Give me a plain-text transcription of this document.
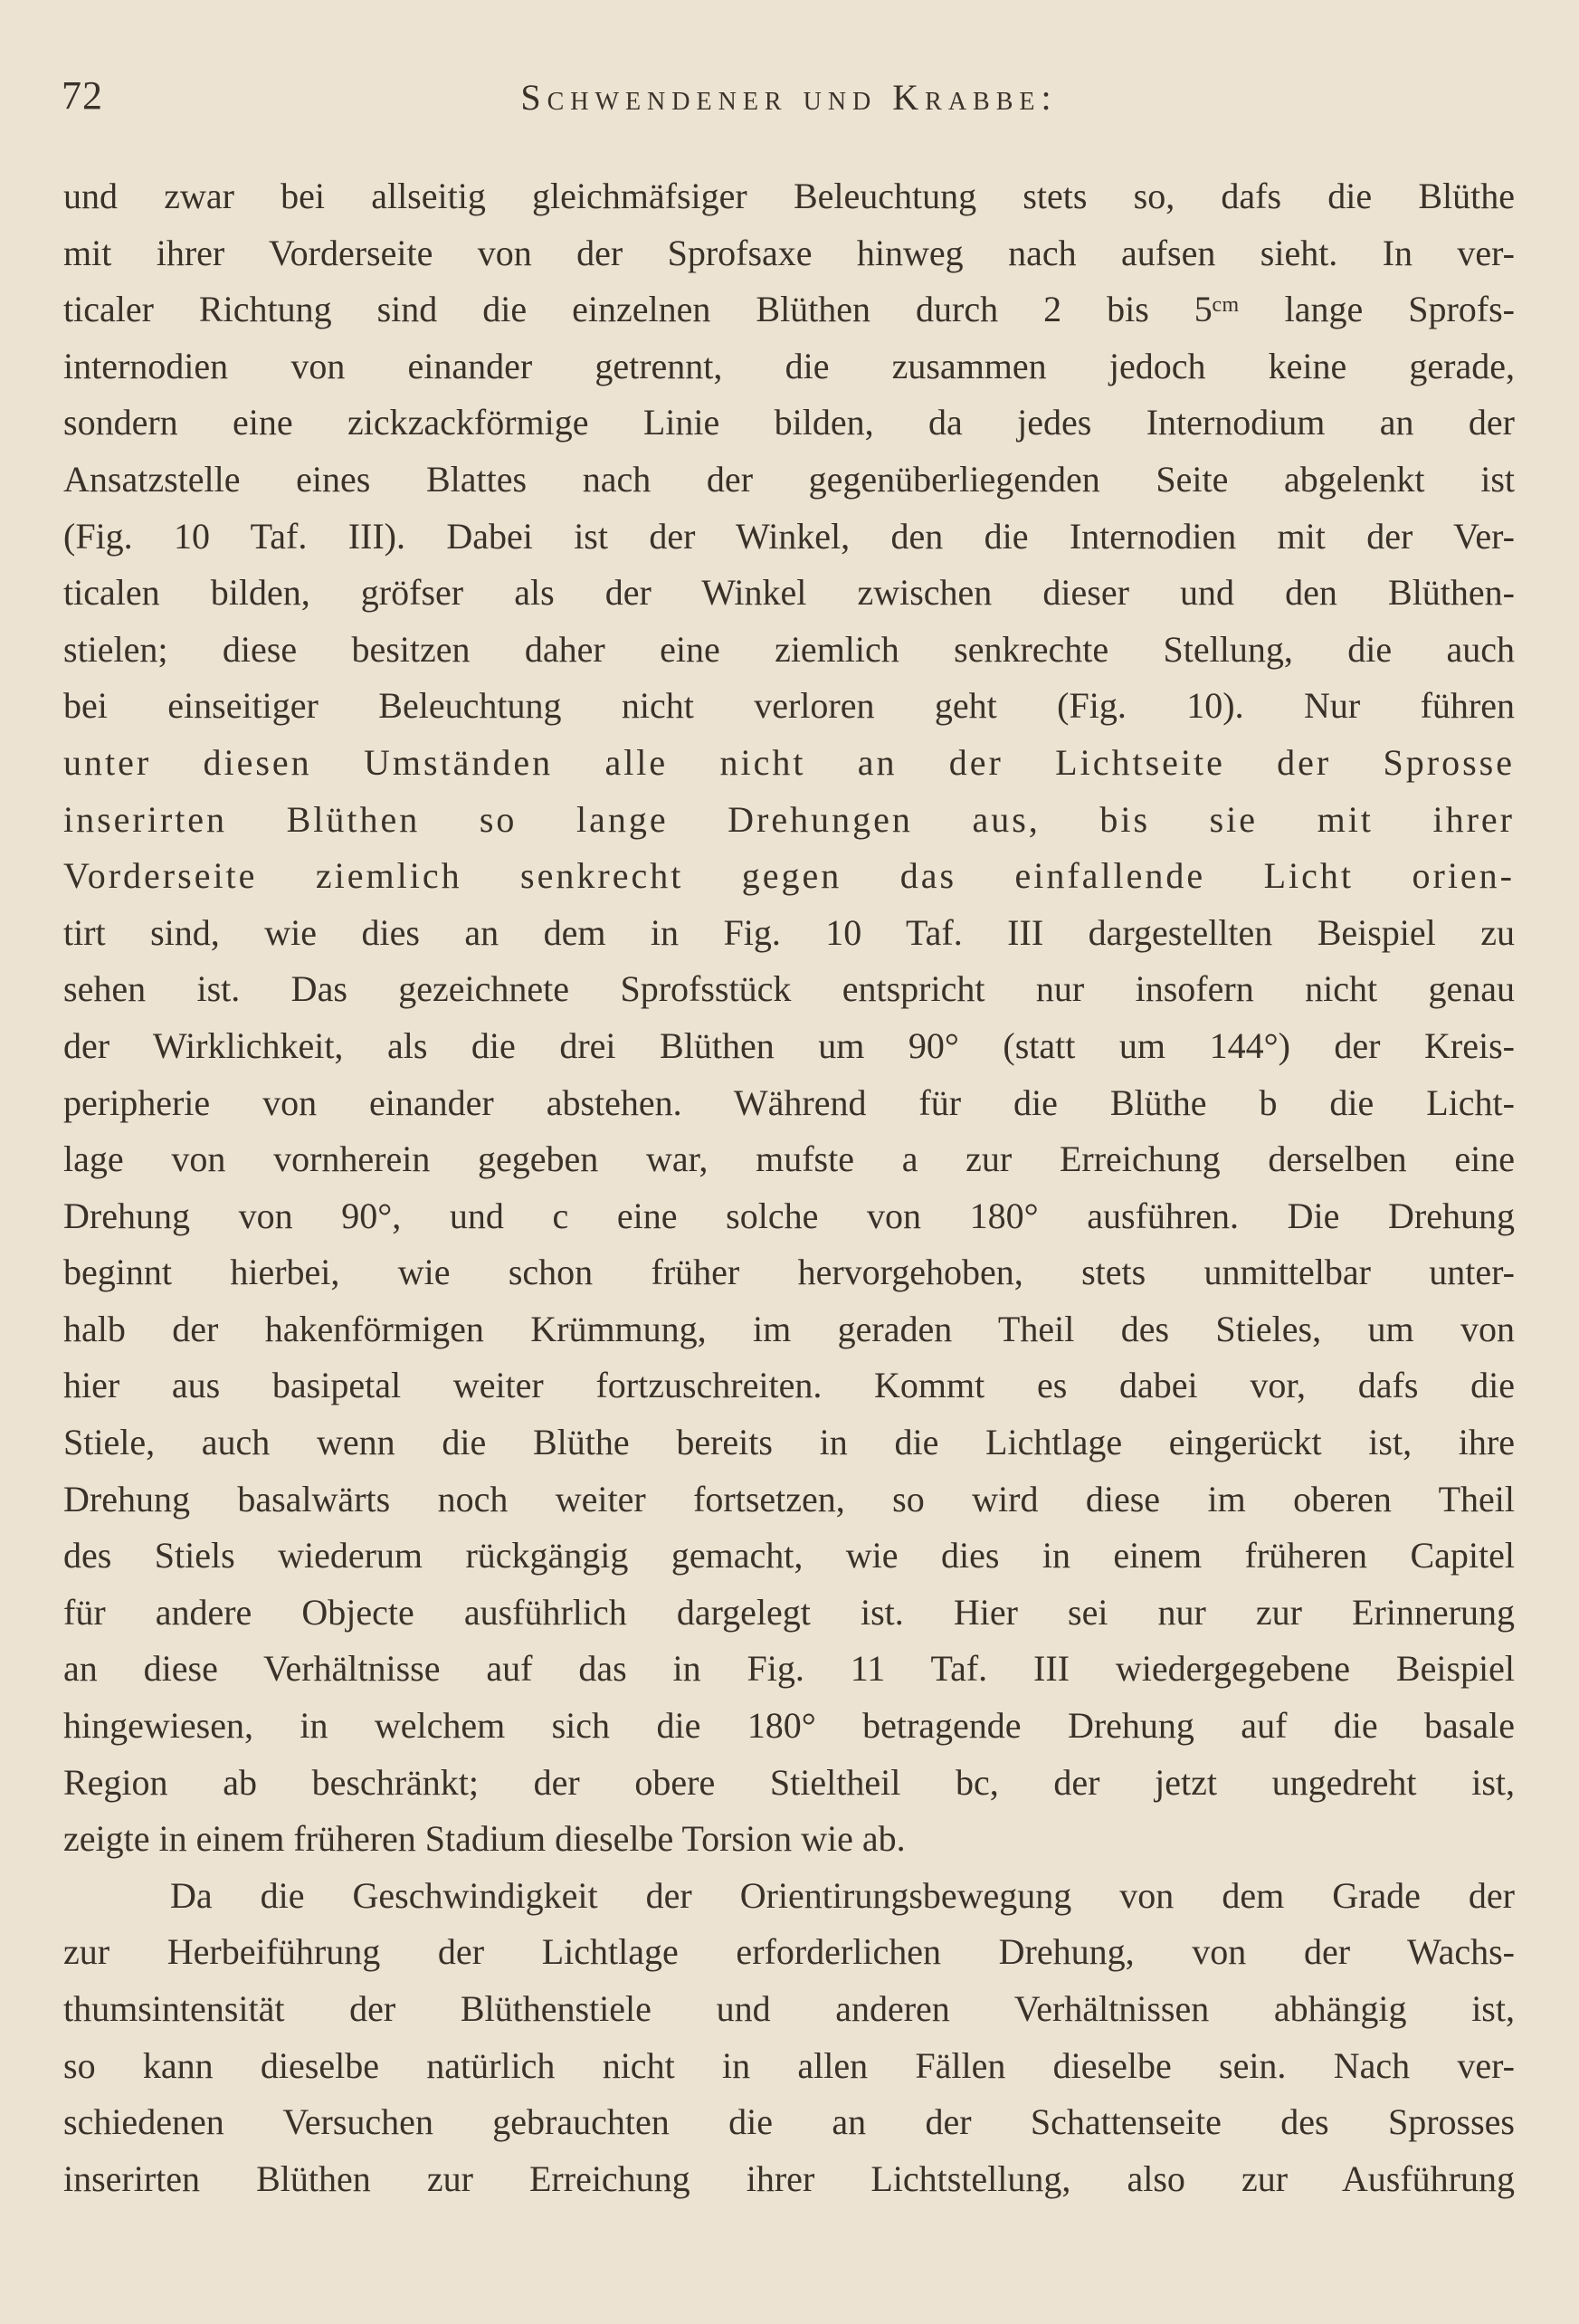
72	Schwendener und Krabbe:
und zwar bei allseitig gleichmäfsiger Beleuchtung stets so, dafs die Blüthe
mit ihrer Vorderseite von der Sprofsaxe hinweg nach aufsen sieht. In ver-
ticaler Richtung sind die einzelnen Blüthen durch 2 bis 5ᶜᵐ lange Sprofs-
internodien von einander getrennt, die zusammen jedoch keine gerade,
sondern eine zickzackförmige Linie bilden, da jedes Internodium an der
Ansatzstelle eines Blattes nach der gegenüberliegenden Seite abgelenkt ist
(Fig. 10 Taf. III). Dabei ist der Winkel, den die Internodien mit der Ver-
ticalen bilden, gröfser als der Winkel zwischen dieser und den Blüthen-
stielen; diese besitzen daher eine ziemlich senkrechte Stellung, die auch
bei einseitiger Beleuchtung nicht verloren geht (Fig. 10). Nur führen
unter diesen Umständen alle nicht an der Lichtseite der Sprosse
inserirten Blüthen so lange Drehungen aus, bis sie mit ihrer
Vorderseite ziemlich senkrecht gegen das einfallende Licht orien-
tirt sind, wie dies an dem in Fig. 10 Taf. III dargestellten Beispiel zu
sehen ist. Das gezeichnete Sprofsstück entspricht nur insofern nicht genau
der Wirklichkeit, als die drei Blüthen um 90° (statt um 144°) der Kreis-
peripherie von einander abstehen. Während für die Blüthe b die Licht-
lage von vornherein gegeben war, mufste a zur Erreichung derselben eine
Drehung von 90°, und c eine solche von 180° ausführen. Die Drehung
beginnt hierbei, wie schon früher hervorgehoben, stets unmittelbar unter-
halb der hakenförmigen Krümmung, im geraden Theil des Stieles, um von
hier aus basipetal weiter fortzuschreiten. Kommt es dabei vor, dafs die
Stiele, auch wenn die Blüthe bereits in die Lichtlage eingerückt ist, ihre
Drehung basalwärts noch weiter fortsetzen, so wird diese im oberen Theil
des Stiels wiederum rückgängig gemacht, wie dies in einem früheren Capitel
für andere Objecte ausführlich dargelegt ist. Hier sei nur zur Erinnerung
an diese Verhältnisse auf das in Fig. 11 Taf. III wiedergegebene Beispiel
hingewiesen, in welchem sich die 180° betragende Drehung auf die basale
Region ab beschränkt; der obere Stieltheil bc, der jetzt ungedreht ist,
zeigte in einem früheren Stadium dieselbe Torsion wie ab.
Da die Geschwindigkeit der Orientirungsbewegung von dem Grade der
zur Herbeiführung der Lichtlage erforderlichen Drehung, von der Wachs-
thumsintensität der Blüthenstiele und anderen Verhältnissen abhängig ist,
so kann dieselbe natürlich nicht in allen Fällen dieselbe sein. Nach ver-
schiedenen Versuchen gebrauchten die an der Schattenseite des Sprosses
inserirten Blüthen zur Erreichung ihrer Lichtstellung, also zur Ausführung
